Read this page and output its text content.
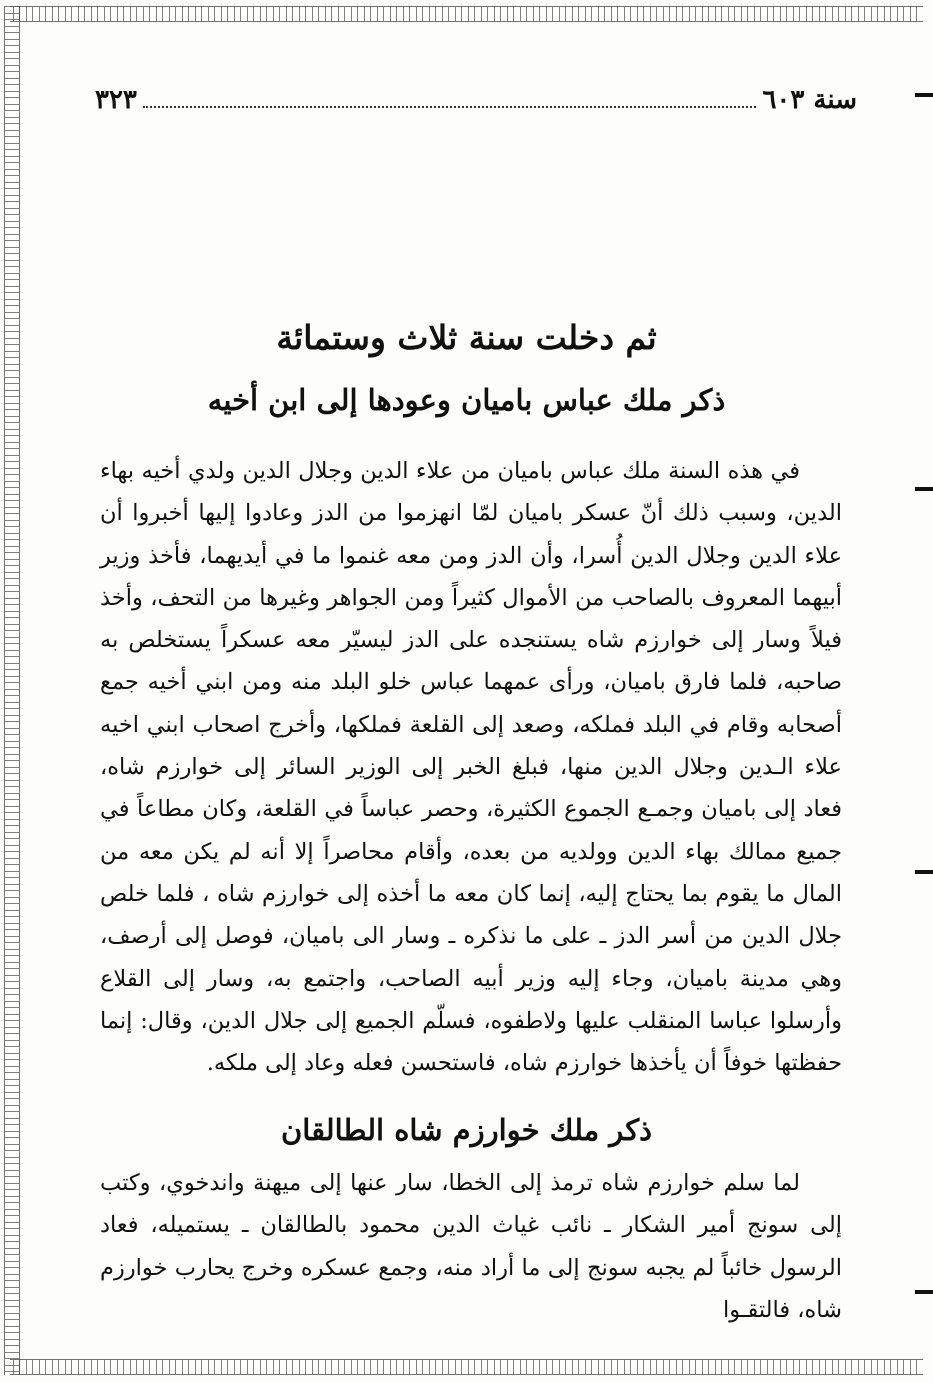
سنة ٦٠٣
٣٢٣
ثم دخلت سنة ثلاث وستمائة
ذكر ملك عباس باميان وعودها إلى ابن أخيه

في هذه السنة ملك عباس باميان من علاء الدين وجلال الدين ولدي أخيه بهاء الدين، وسبب ذلك أنّ عسكر باميان لمّا انهزموا من الدز وعادوا إليها أخبروا أن علاء الدين وجلال الدين أُسرا، وأن الدز ومن معه غنموا ما في أيديهما، فأخذ وزير أبيهما المعروف بالصاحب من الأموال كثيراً ومن الجواهر وغيرها من التحف، وأخذ فيلاً وسار إلى خوارزم شاه يستنجده على الدز ليسيّر معه عسكراً يستخلص به صاحبه، فلما فارق باميان، ورأى عمهما عباس خلو البلد منه ومن ابني أخيه جمع أصحابه وقام في البلد فملكه، وصعد إلى القلعة فملكها، وأخرج اصحاب ابني اخيه علاء الـدين وجلال الدين منها، فبلغ الخبر إلى الوزير السائر إلى خوارزم شاه، فعاد إلى باميان وجمـع الجموع الكثيرة، وحصر عباساً في القلعة، وكان مطاعاً في جميع ممالك بهاء الدين وولديه من بعده، وأقام محاصراً إلا أنه لم يكن معه من المال ما يقوم بما يحتاج إليه، إنما كان معه ما أخذه إلى خوارزم شاه ، فلما خلص جلال الدين من أسر الدز ـ على ما نذكره ـ وسار الى باميان، فوصل إلى أرصف، وهي مدينة باميان، وجاء إليه وزير أبيه الصاحب، واجتمع به، وسار إلى القلاع وأرسلوا عباسا المنقلب عليها ولاطفوه، فسلّم الجميع إلى جلال الدين، وقال: إنما حفظتها خوفاً أن يأخذها خوارزم شاه، فاستحسن فعله وعاد إلى ملكه.

ذكر ملك خوارزم شاه الطالقان

لما سلم خوارزم شاه ترمذ إلى الخطا، سار عنها إلى ميهنة واندخوي، وكتب إلى سونج أمير الشكار ـ نائب غياث الدين محمود بالطالقان ـ يستميله، فعاد الرسول خائباً لم يجبه سونج إلى ما أراد منه، وجمع عسكره وخرج يحارب خوارزم شاه، فالتقـوا
